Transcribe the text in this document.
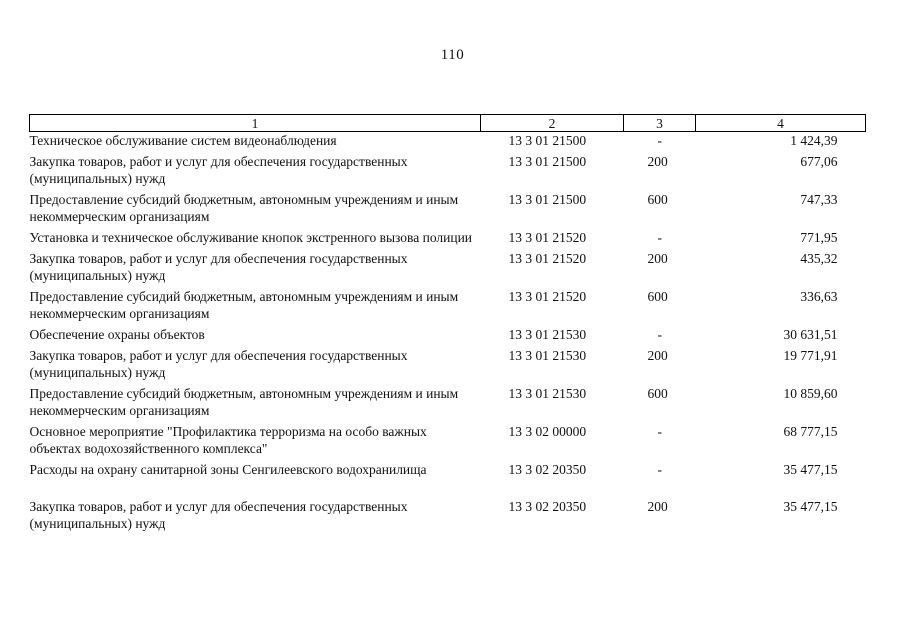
110
1	2	3	4
Техническое обслуживание систем видеонаблюдения	13 3 01 21500	-	1 424,39
Закупка товаров, работ и услуг для обеспечения государственных (муниципальных) нужд	13 3 01 21500	200	677,06
Предоставление субсидий бюджетным, автономным учреждениям и иным некоммерческим организациям	13 3 01 21500	600	747,33
Установка и техническое обслуживание кнопок экстренного вызова полиции	13 3 01 21520	-	771,95
Закупка товаров, работ и услуг для обеспечения государственных (муниципальных) нужд	13 3 01 21520	200	435,32
Предоставление субсидий бюджетным, автономным учреждениям и иным некоммерческим организациям	13 3 01 21520	600	336,63
Обеспечение охраны объектов	13 3 01 21530	-	30 631,51
Закупка товаров, работ и услуг для обеспечения государственных (муниципальных) нужд	13 3 01 21530	200	19 771,91
Предоставление субсидий бюджетным, автономным учреждениям и иным некоммерческим организациям	13 3 01 21530	600	10 859,60
Основное мероприятие "Профилактика терроризма на особо важных объектах водохозяйственного комплекса"	13 3 02 00000	-	68 777,15
Расходы на охрану санитарной зоны Сенгилеевского водохранилища	13 3 02 20350	-	35 477,15

Закупка товаров, работ и услуг для обеспечения государственных (муниципальных) нужд	13 3 02 20350	200	35 477,15
